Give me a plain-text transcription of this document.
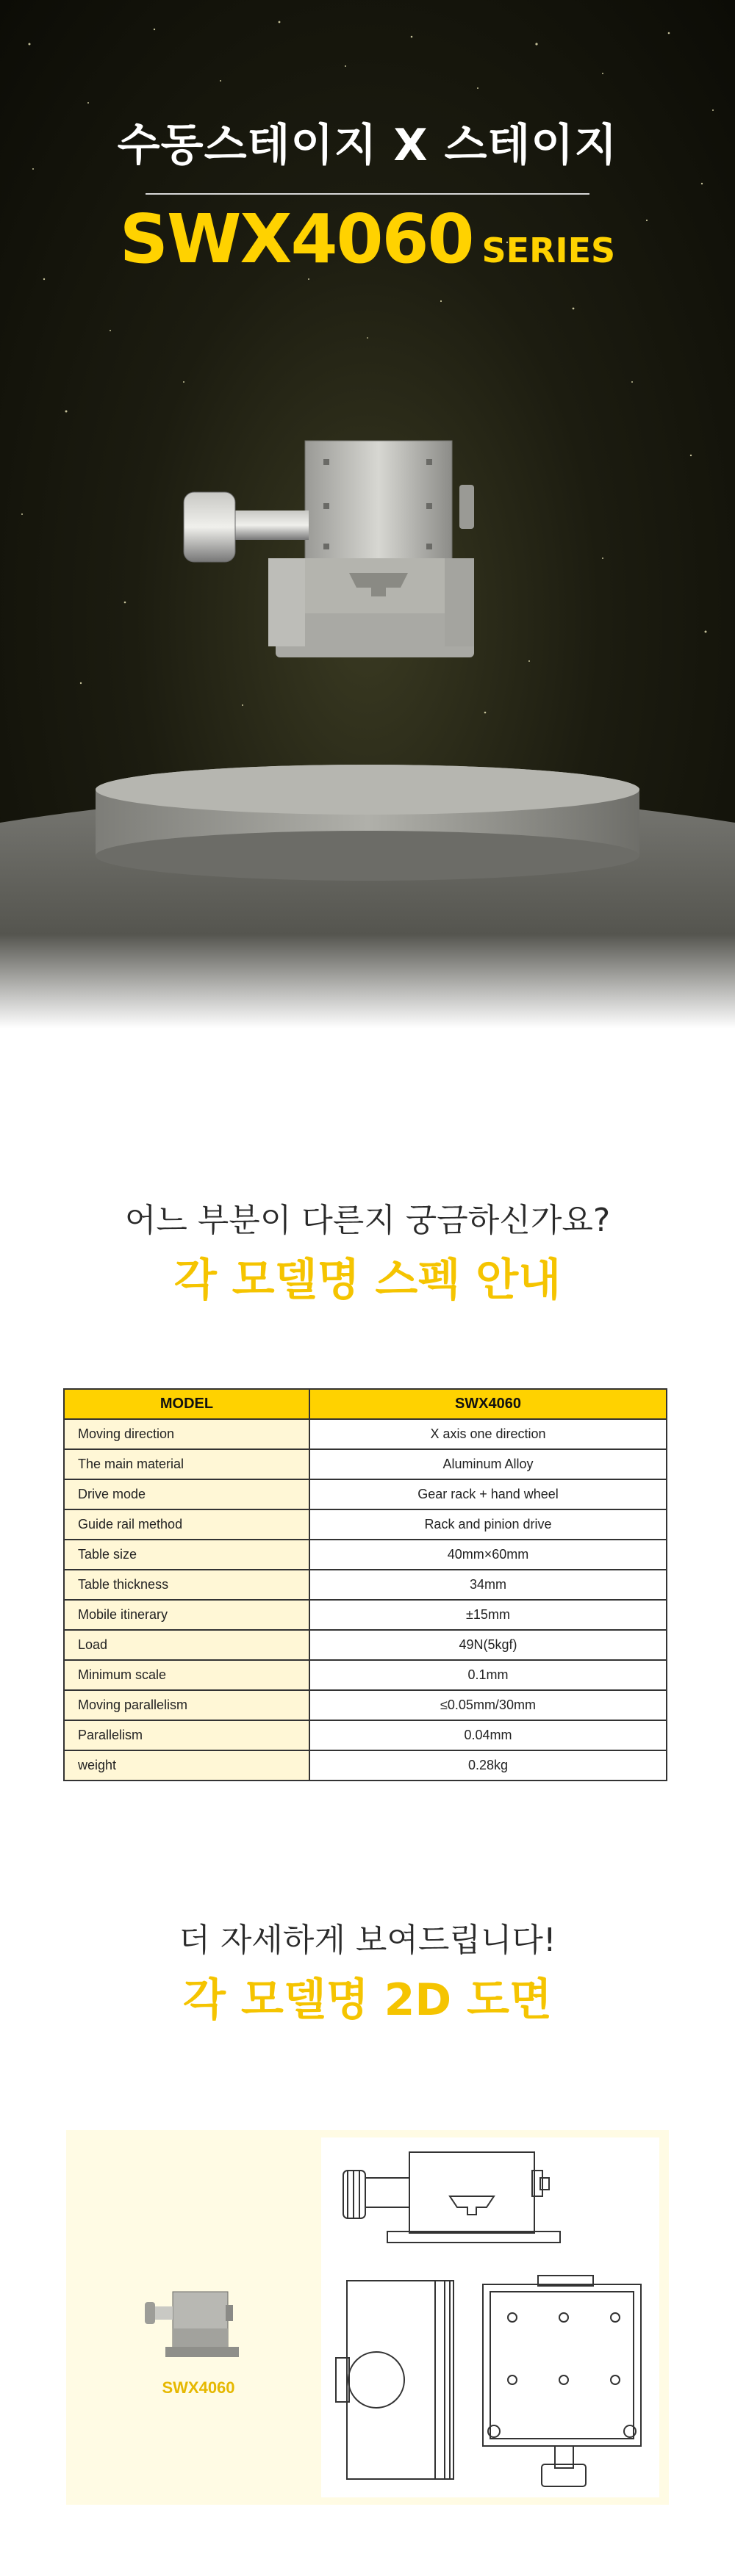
수동스테이지 X 스테이지
SWX4060 SERIES
어느 부분이 다른지 궁금하신가요?
각 모델명 스펙 안내
MODEL	SWX4060
Moving direction	X axis one direction
The main material	Aluminum Alloy
Drive mode	Gear rack + hand wheel
Guide rail method	Rack and pinion drive
Table size	40mm×60mm
Table thickness	34mm
Mobile itinerary	±15mm
Load	49N(5kgf)
Minimum scale	0.1mm
Moving parallelism	≤0.05mm/30mm
Parallelism	0.04mm
weight	0.28kg
더 자세하게 보여드립니다!
각 모델명 2D 도면
SWX4060
